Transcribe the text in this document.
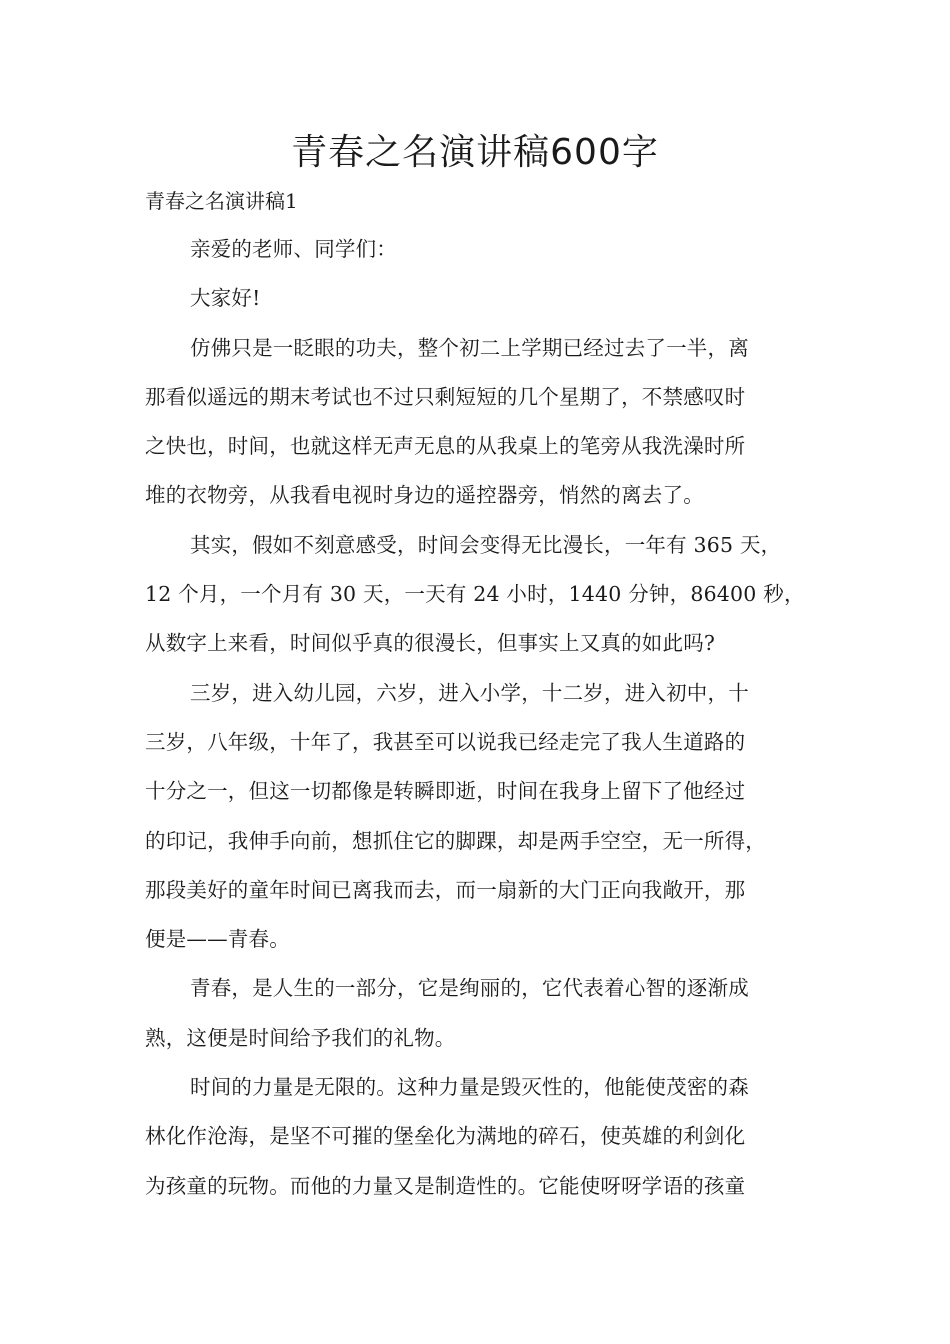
青春之名演讲稿600字

青春之名演讲稿1

亲爱的老师、同学们：
大家好!
仿佛只是一眨眼的功夫，整个初二上学期已经过去了一半，离
那看似遥远的期末考试也不过只剩短短的几个星期了，不禁感叹时
之快也，时间，也就这样无声无息的从我桌上的笔旁从我洗澡时所
堆的衣物旁，从我看电视时身边的遥控器旁，悄然的离去了。
其实，假如不刻意感受，时间会变得无比漫长，一年有 365 天，
12 个月，一个月有 30 天，一天有 24 小时，1440 分钟，86400 秒，
从数字上来看，时间似乎真的很漫长，但事实上又真的如此吗?
三岁，进入幼儿园，六岁，进入小学，十二岁，进入初中，十
三岁，八年级，十年了，我甚至可以说我已经走完了我人生道路的
十分之一，但这一切都像是转瞬即逝，时间在我身上留下了他经过
的印记，我伸手向前，想抓住它的脚踝，却是两手空空，无一所得，
那段美好的童年时间已离我而去，而一扇新的大门正向我敞开，那
便是——青春。
青春，是人生的一部分，它是绚丽的，它代表着心智的逐渐成
熟，这便是时间给予我们的礼物。
时间的力量是无限的。这种力量是毁灭性的，他能使茂密的森
林化作沧海，是坚不可摧的堡垒化为满地的碎石，使英雄的利剑化
为孩童的玩物。而他的力量又是制造性的。它能使呀呀学语的孩童
